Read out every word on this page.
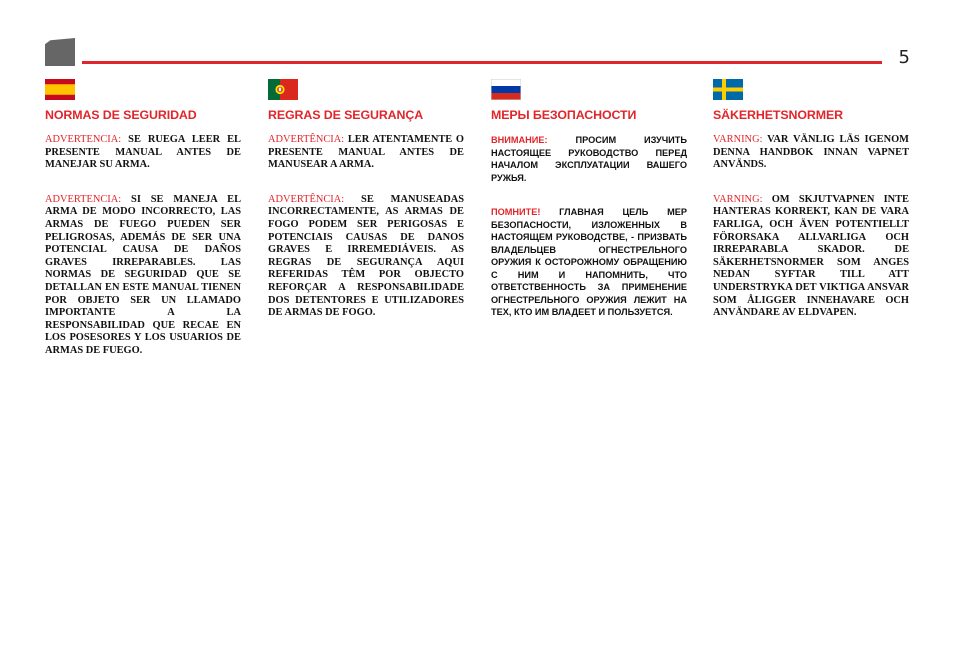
5
NORMAS DE SEGURIDAD

ADVERTENCIA: SE RUEGA LEER EL PRESENTE MANUAL ANTES DE MANEJAR SU ARMA.

ADVERTENCIA: SI SE MANEJA EL ARMA DE MODO INCORRECTO, LAS ARMAS DE FUEGO PUEDEN SER PELIGROSAS, ADEMÁS DE SER UNA POTENCIAL CAUSA DE DAÑOS GRAVES IRREPARABLES. LAS NORMAS DE SEGURIDAD QUE SE DETALLAN EN ESTE MANUAL TIENEN POR OBJETO SER UN LLAMADO IMPORTANTE A LA RESPONSABILIDAD QUE RECAE EN LOS POSESORES Y LOS USUARIOS DE ARMAS DE FUEGO.

REGRAS DE SEGURANÇA

ADVERTÊNCIA: LER ATENTAMENTE O PRESENTE MANUAL ANTES DE MANUSEAR A ARMA.

ADVERTÊNCIA: SE MANUSEADAS INCORRECTAMENTE, AS ARMAS DE FOGO PODEM SER PERIGOSAS E POTENCIAIS CAUSAS DE DANOS GRAVES E IRREMEDIÁVEIS. AS REGRAS DE SEGURANÇA AQUI REFERIDAS TÊM POR OBJECTO REFORÇAR A RESPONSABILIDADE DOS DETENTORES E UTILIZADORES DE ARMAS DE FOGO.

МЕРЫ БЕЗОПАСНОСТИ

ВНИМАНИЕ: ПРОСИМ ИЗУЧИТЬ НАСТОЯЩЕЕ РУКОВОДСТВО ПЕРЕД НАЧАЛОМ ЭКСПЛУАТАЦИИ ВАШЕГО РУЖЬЯ.

ПОМНИТЕ! ГЛАВНАЯ ЦЕЛЬ МЕР БЕЗОПАСНОСТИ, ИЗЛОЖЕННЫХ В НАСТОЯЩЕМ РУКОВОДСТВЕ, - ПРИЗВАТЬ ВЛАДЕЛЬЦЕВ ОГНЕСТРЕЛЬНОГО ОРУЖИЯ К ОСТОРОЖНОМУ ОБРАЩЕНИЮ С НИМ И НАПОМНИТЬ, ЧТО ОТВЕТСТВЕННОСТЬ ЗА ПРИМЕНЕНИЕ ОГНЕСТРЕЛЬНОГО ОРУЖИЯ ЛЕЖИТ НА ТЕХ, КТО ИМ ВЛАДЕЕТ И ПОЛЬЗУЕТСЯ.

SÄKERHETSNORMER

VARNING: VAR VÄNLIG LÄS IGENOM DENNA HANDBOK INNAN VAPNET ANVÄNDS.

VARNING: OM SKJUTVAPNEN INTE HANTERAS KORREKT, KAN DE VARA FARLIGA, OCH ÄVEN POTENTIELLT FÖRORSAKA ALLVARLIGA OCH IRREPARABLA SKADOR. DE SÄKERHETSNORMER SOM ANGES NEDAN SYFTAR TILL ATT UNDERSTRYKA DET VIKTIGA ANSVAR SOM ÅLIGGER INNEHAVARE OCH ANVÄNDARE AV ELDVAPEN.
